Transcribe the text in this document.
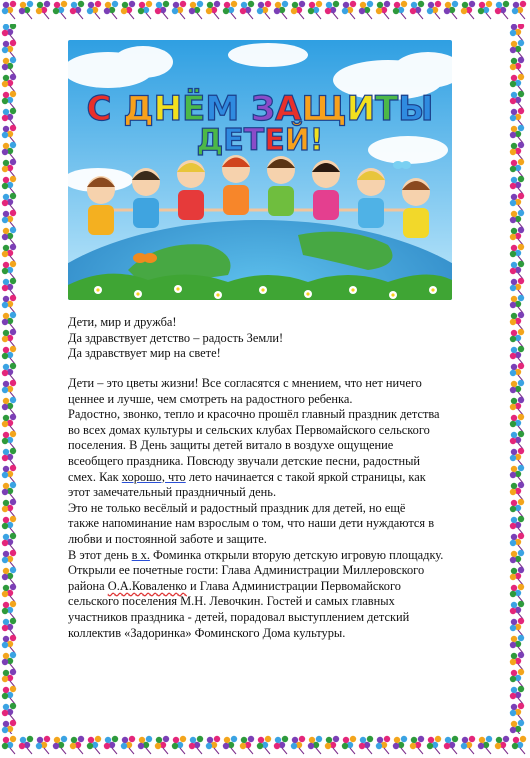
С ДНЁМ ЗАЩИТЫ
ДЕТЕЙ!

Дети, мир и дружба!

Да здравствует детство – радость Земли!

Да здравствует мир на свете!

Дети – это цветы жизни! Все согласятся с мнением, что нет ничего

ценнее и лучше, чем смотреть на радостного ребенка.

Радостно, звонко, тепло и красочно прошёл главный праздник детства

во всех домах культуры и сельских клубах Первомайского сельского

поселения. В День защиты детей витало в воздухе ощущение

всеобщего праздника. Повсюду звучали детские песни, радостный

смех. Как хорошо, что лето начинается с такой яркой страницы, как

этот замечательный праздничный день.

Это не только весёлый и радостный праздник для детей, но ещё

также напоминание нам взрослым о том, что наши дети нуждаются в

любви и постоянной заботе и защите.

В этот день в х. Фоминка открыли вторую детскую игровую площадку.

Открыли ее почетные гости: Глава Администрации Миллеровского

района О.А.Коваленко и Глава Администрации Первомайского

сельского поселения М.Н. Левочкин. Гостей и самых главных

участников праздника - детей, порадовал выступлением детский

коллектив «Задоринка» Фоминского Дома культуры.
